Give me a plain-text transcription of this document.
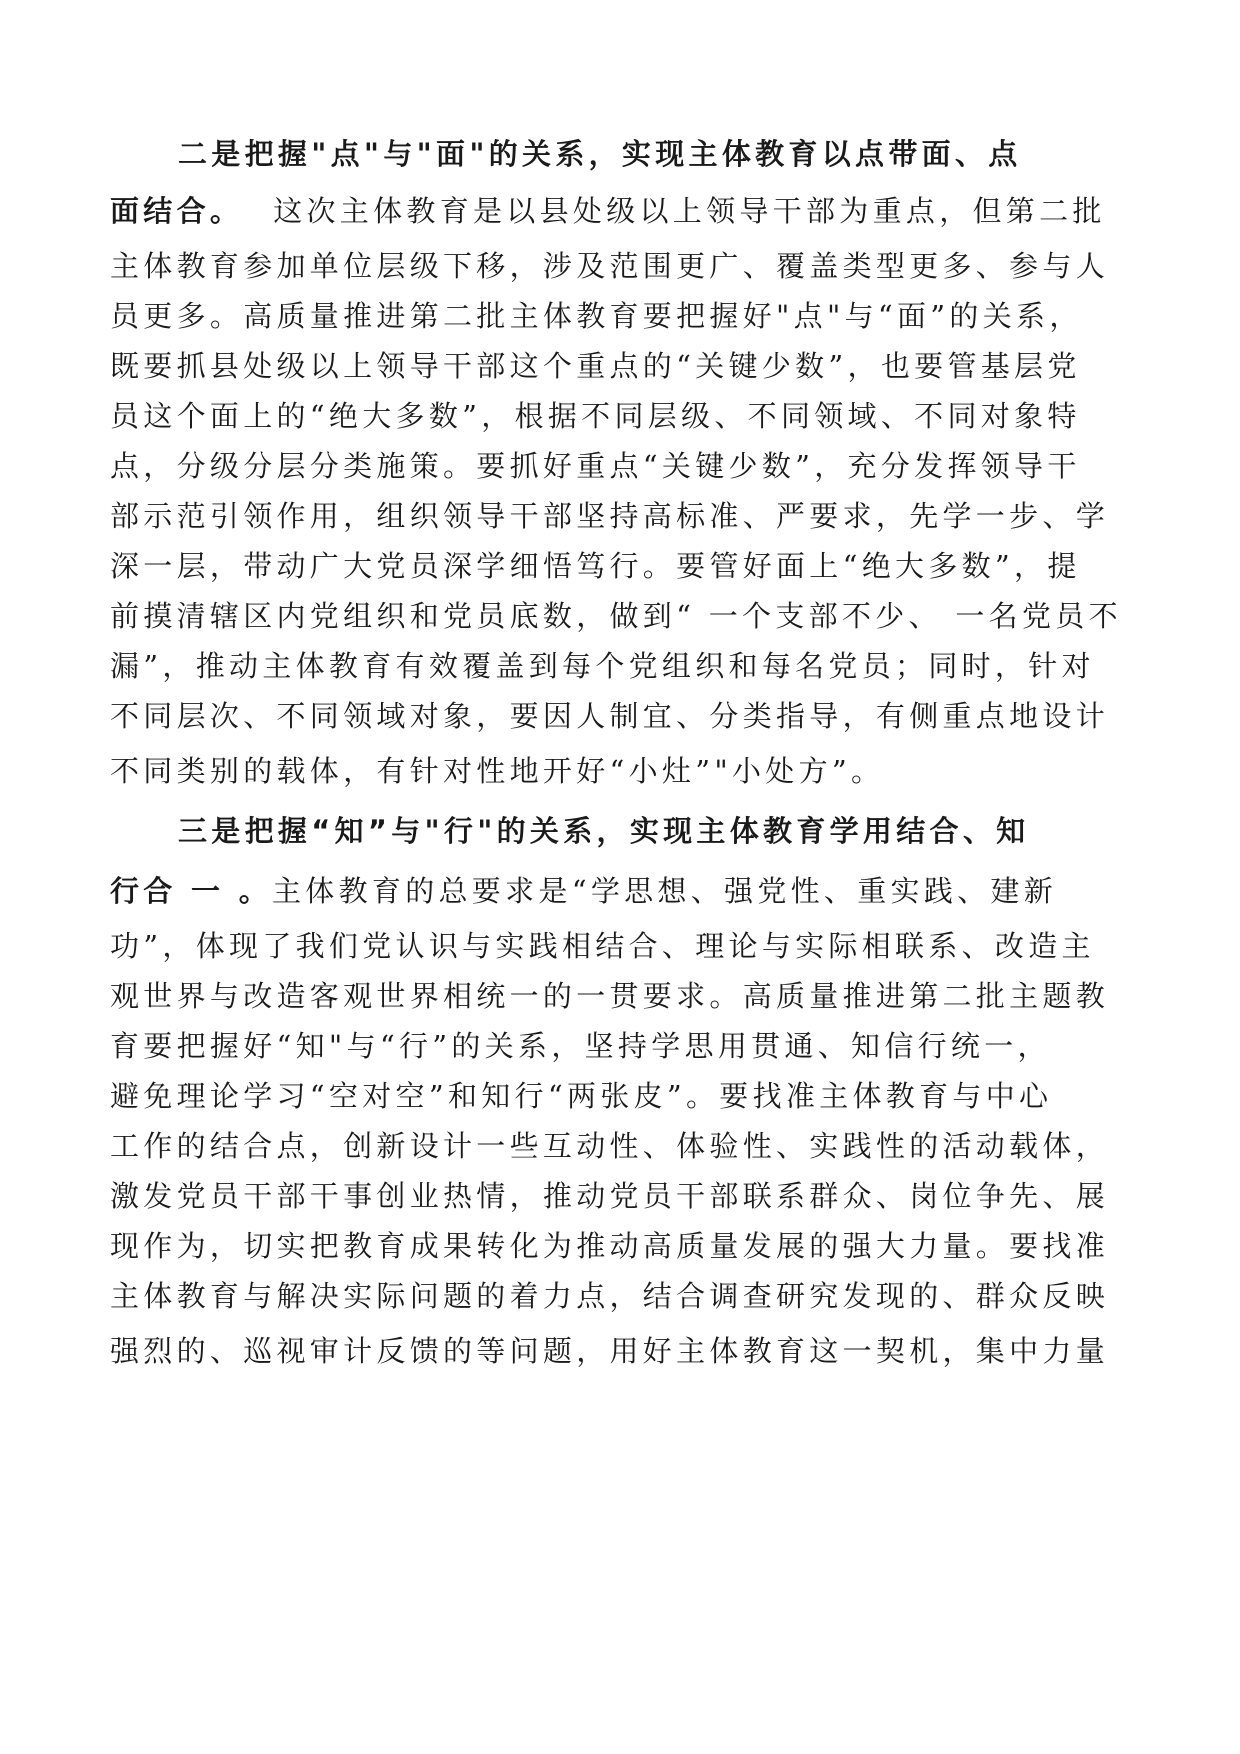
二是把握"点"与"面"的关系，实现主体教育以点带面、点
面结合。 这次主体教育是以县处级以上领导干部为重点，但第二批
主体教育参加单位层级下移，涉及范围更广、覆盖类型更多、参与人
员更多。高质量推进第二批主体教育要把握好"点"与“面”的关系，
既要抓县处级以上领导干部这个重点的“关键少数”，也要管基层党
员这个面上的“绝大多数”，根据不同层级、不同领域、不同对象特
点，分级分层分类施策。要抓好重点“关键少数”，充分发挥领导干
部示范引领作用，组织领导干部坚持高标准、严要求，先学一步、学
深一层，带动广大党员深学细悟笃行。要管好面上“绝大多数”，提
前摸清辖区内党组织和党员底数，做到“ 一个支部不少、 一名党员不
漏”，推动主体教育有效覆盖到每个党组织和每名党员；同时，针对
不同层次、不同领域对象，要因人制宜、分类指导，有侧重点地设计
不同类别的载体，有针对性地开好“小灶”"小处方”。
三是把握“知”与"行"的关系，实现主体教育学用结合、知
行合 一 。主体教育的总要求是“学思想、强党性、重实践、建新
功”，体现了我们党认识与实践相结合、理论与实际相联系、改造主
观世界与改造客观世界相统一的一贯要求。高质量推进第二批主题教
育要把握好“知"与“行”的关系，坚持学思用贯通、知信行统一，
避免理论学习“空对空”和知行“两张皮”。要找准主体教育与中心
工作的结合点，创新设计一些互动性、体验性、实践性的活动载体，
激发党员干部干事创业热情，推动党员干部联系群众、岗位争先、展
现作为，切实把教育成果转化为推动高质量发展的强大力量。要找准
主体教育与解决实际问题的着力点，结合调查研究发现的、群众反映
强烈的、巡视审计反馈的等问题，用好主体教育这一契机，集中力量
